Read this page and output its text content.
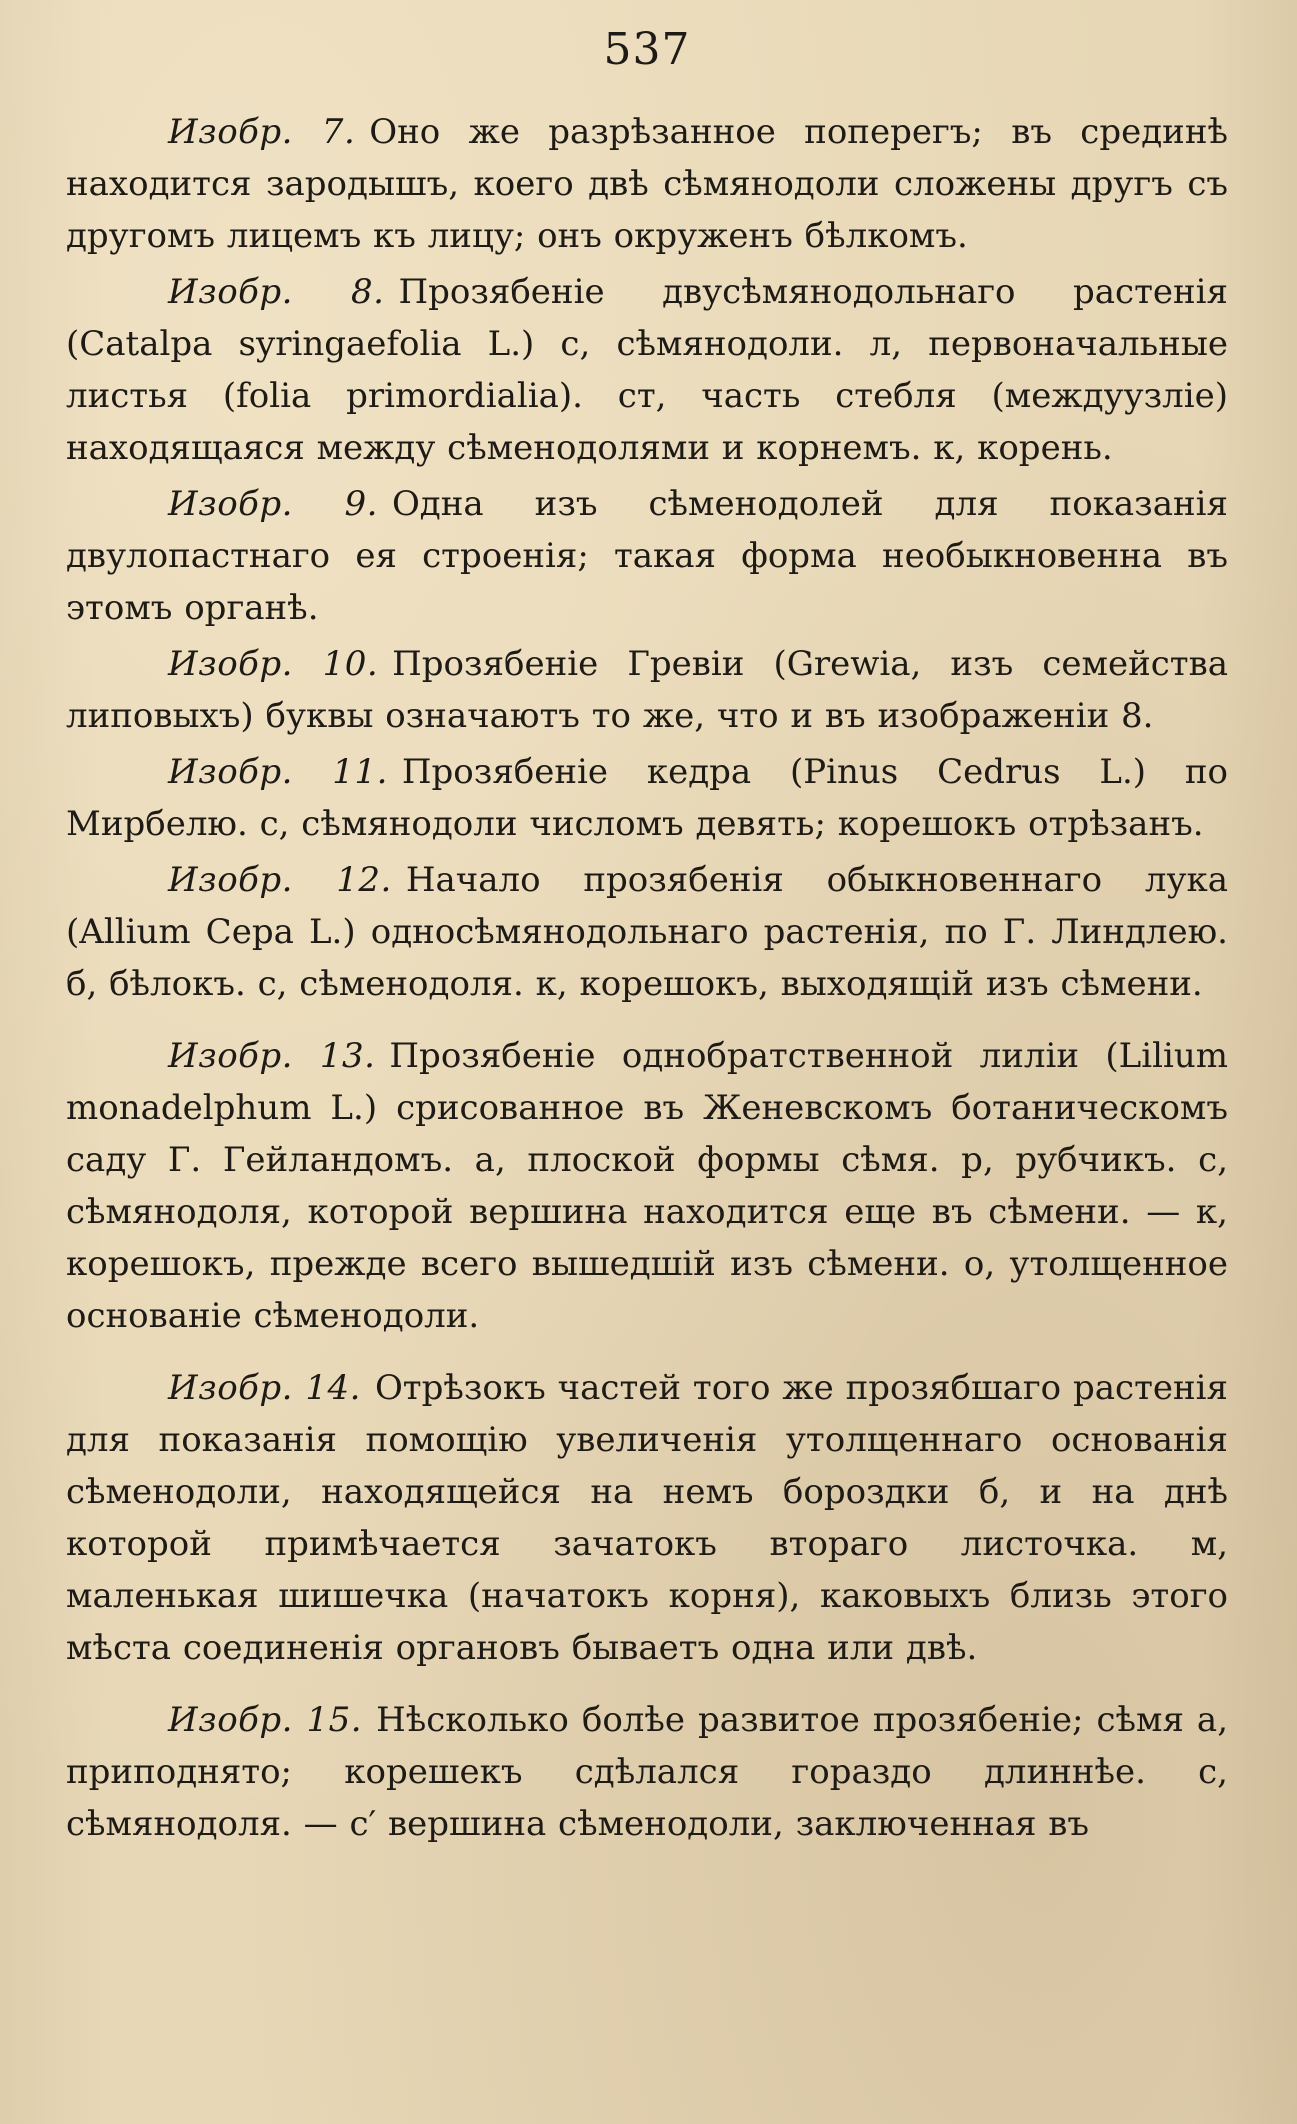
537

Изобр. 7. Оно же разрѣзанное поперегъ; въ срединѣ находится зародышъ, коего двѣ сѣмянодоли сложены другъ съ другомъ лицемъ къ лицу; онъ окруженъ бѣлкомъ.

Изобр. 8. Прозябеніе двусѣмянодольнаго растенія (Catalpa syringaefolia L.) с, сѣмянодоли. л, первоначальные листья (folia primordialia). ст, часть стебля (междуузліе) находящаяся между сѣменодолями и корнемъ. к, корень.

Изобр. 9. Одна изъ сѣменодолей для показанія двулопастнаго ея строенія; такая форма необыкновенна въ этомъ органѣ.

Изобр. 10. Прозябеніе Гревіи (Grewia, изъ семейства липовыхъ) буквы означаютъ то же, что и въ изображеніи 8.

Изобр. 11. Прозябеніе кедра (Pinus Cedrus L.) по Мирбелю. с, сѣмянодоли числомъ девять; корешокъ отрѣзанъ.

Изобр. 12. Начало прозябенія обыкновеннаго лука (Allium Cepa L.) односѣмянодольнаго растенія, по Г. Линдлею. б, бѣлокъ. с, сѣменодоля. к, корешокъ, выходящій изъ сѣмени.

Изобр. 13. Прозябеніе однобратственной лиліи (Lilium monadelphum L.) срисованное въ Женевскомъ ботаническомъ саду Г. Гейландомъ. а, плоской формы сѣмя. р, рубчикъ. с, сѣмянодоля, которой вершина находится еще въ сѣмени. — к, корешокъ, прежде всего вышедшій изъ сѣмени. о, утолщенное основаніе сѣменодоли.

Изобр. 14. Отрѣзокъ частей того же прозябшаго растенія для показанія помощію увеличенія утолщеннаго основанія сѣменодоли, находящейся на немъ бороздки б, и на днѣ которой примѣчается зачатокъ втораго листочка. м, маленькая шишечка (начатокъ корня), каковыхъ близь этого мѣста соединенія органовъ бываетъ одна или двѣ.

Изобр. 15. Нѣсколько болѣе развитое прозябеніе; сѣмя а, приподнято; корешекъ сдѣлался гораздо длиннѣе. с, сѣмянодоля. — с′ вершина сѣменодоли, заключенная въ
